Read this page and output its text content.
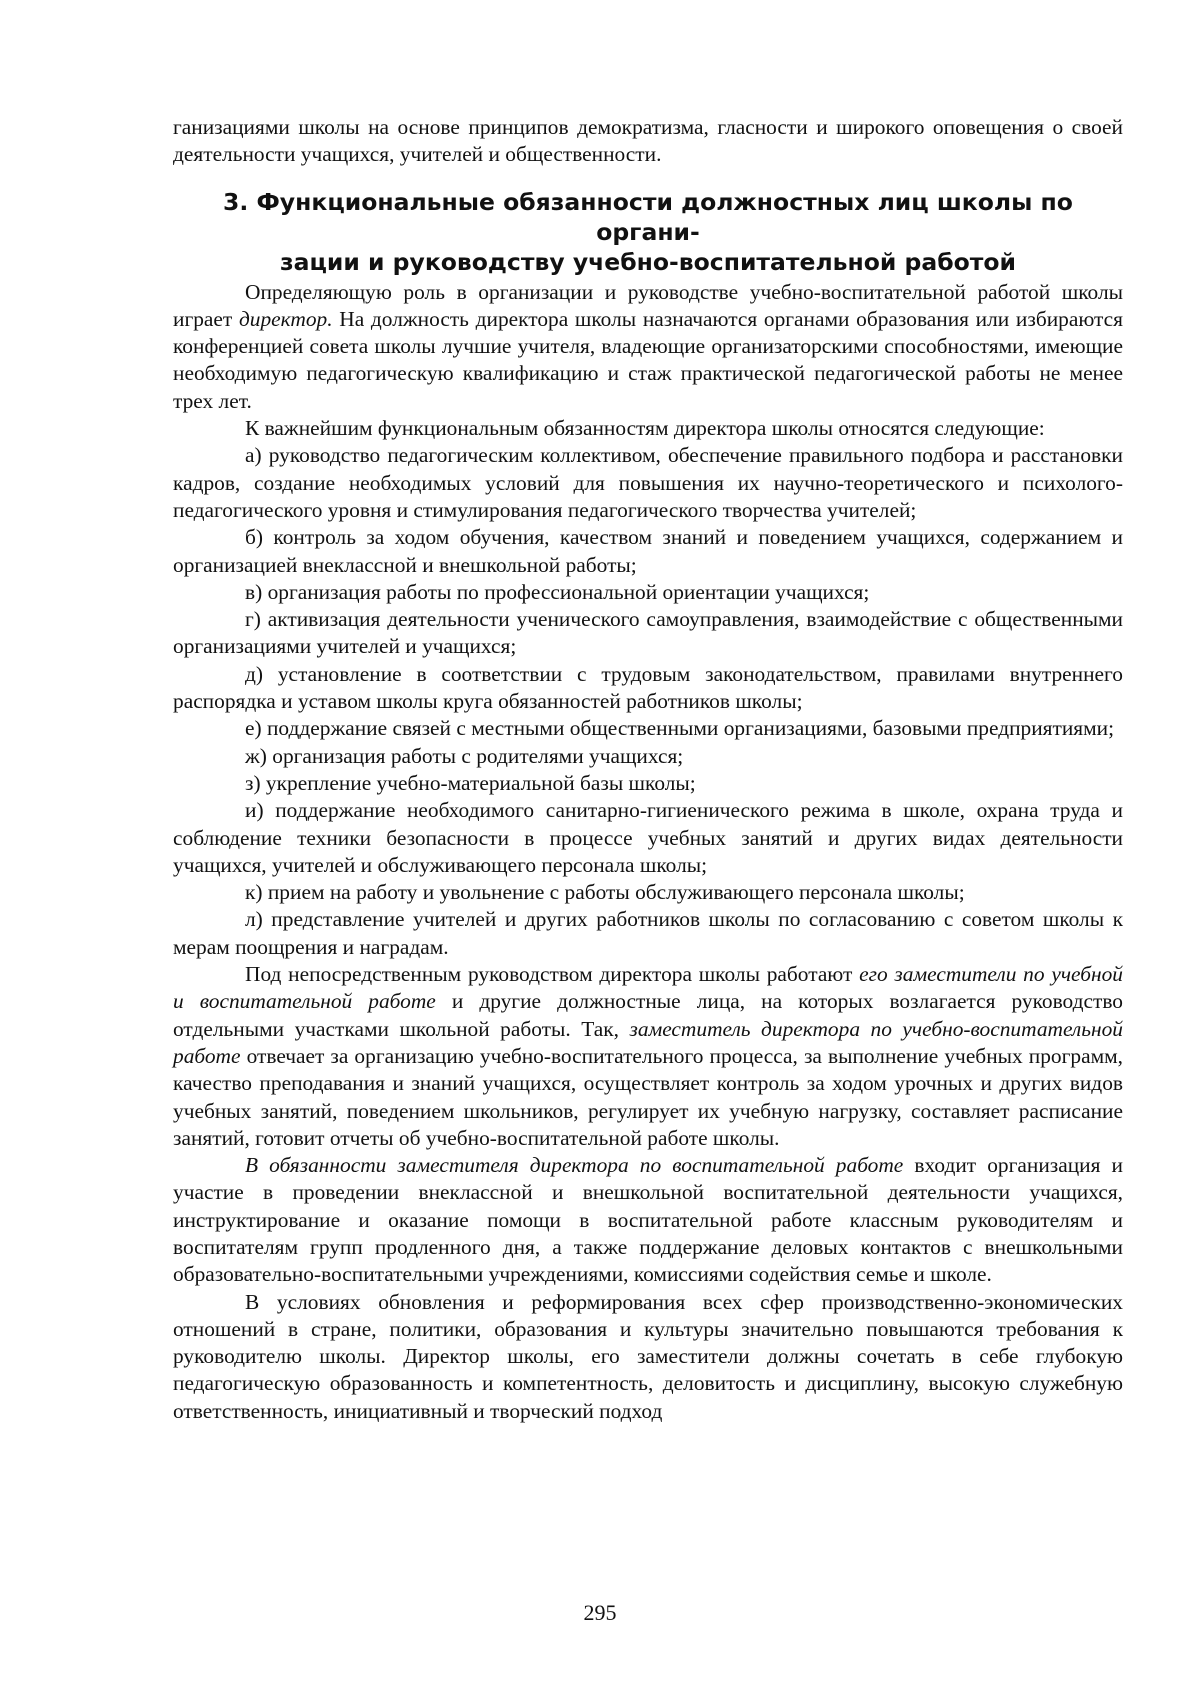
ганизациями школы на основе принципов демократизма, гласности и широкого оповещения о своей деятельности учащихся, учителей и общественности.

3. Функциональные обязанности должностных лиц школы по органи-
зации и руководству учебно-воспитательной работой

Определяющую роль в организации и руководстве учебно-воспитательной работой школы играет директор. На должность директора школы назначаются органами образования или избираются конференцией совета школы лучшие учителя, владеющие организаторскими способностями, имеющие необходимую педагогическую квалификацию и стаж практической педагогической работы не менее трех лет.

К важнейшим функциональным обязанностям директора школы относятся следующие:

а) руководство педагогическим коллективом, обеспечение правильного подбора и расстановки кадров, создание необходимых условий для повышения их научно-теоретического и психолого-педагогического уровня и стимулирования педагогического творчества учителей;

б) контроль за ходом обучения, качеством знаний и поведением учащихся, содержанием и организацией внеклассной и внешкольной работы;

в) организация работы по профессиональной ориентации учащихся;

г) активизация деятельности ученического самоуправления, взаимодействие с общественными организациями учителей и учащихся;

д) установление в соответствии с трудовым законодательством, правилами внутреннего распорядка и уставом школы круга обязанностей работников школы;

е) поддержание связей с местными общественными организациями, базовыми предприятиями;

ж) организация работы с родителями учащихся;

з) укрепление учебно-материальной базы школы;

и) поддержание необходимого санитарно-гигиенического режима в школе, охрана труда и соблюдение техники безопасности в процессе учебных занятий и других видах деятельности учащихся, учителей и обслуживающего персонала школы;

к) прием на работу и увольнение с работы обслуживающего персонала школы;

л) представление учителей и других работников школы по согласованию с советом школы к мерам поощрения и наградам.

Под непосредственным руководством директора школы работают его заместители по учебной и воспитательной работе и другие должностные лица, на которых возлагается руководство отдельными участками школьной работы. Так, заместитель директора по учебно-воспитательной работе отвечает за организацию учебно-воспитательного процесса, за выполнение учебных программ, качество преподавания и знаний учащихся, осуществляет контроль за ходом урочных и других видов учебных занятий, поведением школьников, регулирует их учебную нагрузку, составляет расписание занятий, готовит отчеты об учебно-воспитательной работе школы.

В обязанности заместителя директора по воспитательной работе входит организация и участие в проведении внеклассной и внешкольной воспитательной деятельности учащихся, инструктирование и оказание помощи в воспитательной работе классным руководителям и воспитателям групп продленного дня, а также поддержание деловых контактов с внешкольными образовательно-воспитательными учреждениями, комиссиями содействия семье и школе.

В условиях обновления и реформирования всех сфер производственно-экономических отношений в стране, политики, образования и культуры значительно повышаются требования к руководителю школы. Директор школы, его заместители должны сочетать в себе глубокую педагогическую образованность и компетентность, деловитость и дисциплину, высокую служебную ответственность, инициативный и творческий подход

295
